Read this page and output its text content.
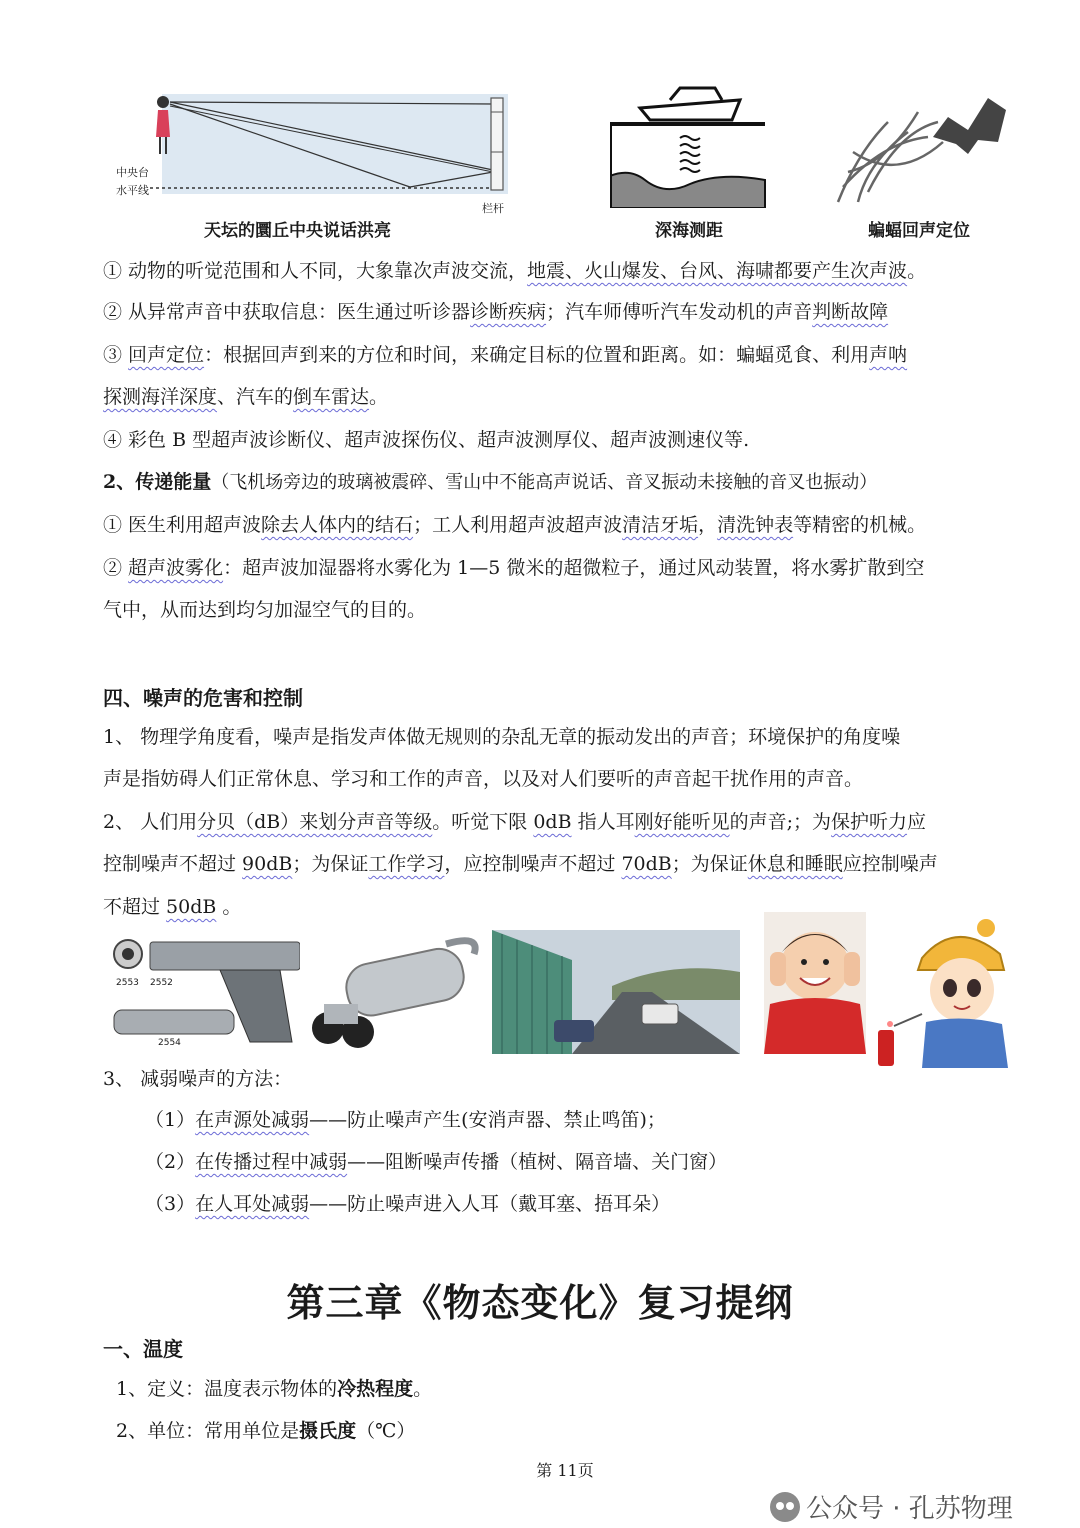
中央台
水平线
栏杆
天坛的圜丘中央说话洪亮	深海测距	蝙蝠回声定位
① 动物的听觉范围和人不同，大象靠次声波交流，地震、火山爆发、台风、海啸都要产生次声波。
② 从异常声音中获取信息：医生通过听诊器诊断疾病；汽车师傅听汽车发动机的声音判断故障
③ 回声定位：根据回声到来的方位和时间，来确定目标的位置和距离。如：蝙蝠觅食、利用声呐
探测海洋深度、汽车的倒车雷达。
④ 彩色 B 型超声波诊断仪、超声波探伤仪、超声波测厚仪、超声波测速仪等.
2、传递能量（飞机场旁边的玻璃被震碎、雪山中不能高声说话、音叉振动未接触的音叉也振动）
① 医生利用超声波除去人体内的结石；工人利用超声波超声波清洁牙垢，清洗钟表等精密的机械。
② 超声波雾化：超声波加湿器将水雾化为 1—5 微米的超微粒子，通过风动装置，将水雾扩散到空
气中，从而达到均匀加湿空气的目的。
四、噪声的危害和控制
1、 物理学角度看，噪声是指发声体做无规则的杂乱无章的振动发出的声音；环境保护的角度噪
声是指妨碍人们正常休息、学习和工作的声音，以及对人们要听的声音起干扰作用的声音。
2、 人们用分贝（dB）来划分声音等级。听觉下限 0dB 指人耳刚好能听见的声音;；为保护听力应
控制噪声不超过 90dB；为保证工作学习，应控制噪声不超过 70dB；为保证休息和睡眠应控制噪声
不超过 50dB 。
2553 2552
2554
3、 减弱噪声的方法：
（1）在声源处减弱——防止噪声产生(安消声器、禁止鸣笛)；
（2）在传播过程中减弱——阻断噪声传播（植树、隔音墙、关门窗）
（3）在人耳处减弱——防止噪声进入人耳（戴耳塞、捂耳朵）
第三章《物态变化》复习提纲
一、温度
1、定义：温度表示物体的冷热程度。
2、单位：常用单位是摄氏度（℃）
第 11页
公众号 · 孔苏物理
